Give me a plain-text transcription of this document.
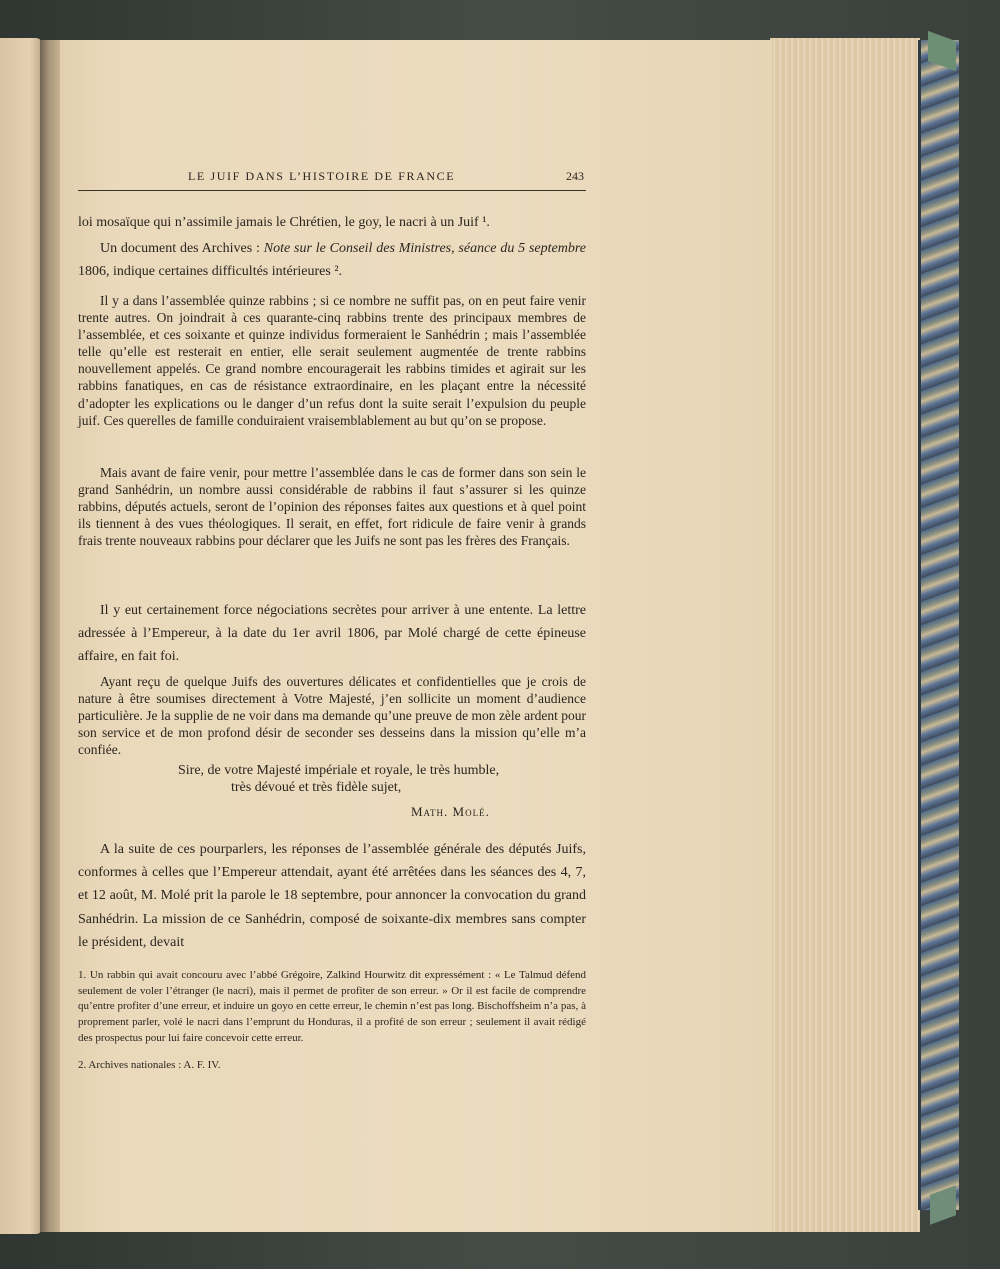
LE JUIF DANS L’HISTOIRE DE FRANCE	243
loi mosaïque qui n’assimile jamais le Chrétien, le goy, le nacri à un Juif ¹.
Un document des Archives : Note sur le Conseil des Ministres, séance du 5 septembre 1806, indique certaines difficultés intérieures ².
Il y a dans l’assemblée quinze rabbins ; si ce nombre ne suffit pas, on en peut faire venir trente autres. On joindrait à ces quarante-cinq rabbins trente des principaux membres de l’assemblée, et ces soixante et quinze individus formeraient le Sanhédrin ; mais l’assemblée telle qu’elle est resterait en entier, elle serait seulement augmentée de trente rabbins nouvellement appelés. Ce grand nombre encouragerait les rabbins timides et agirait sur les rabbins fanatiques, en cas de résistance extraordinaire, en les plaçant entre la nécessité d’adopter les explications ou le danger d’un refus dont la suite serait l’expulsion du peuple juif. Ces querelles de famille conduiraient vraisemblablement au but qu’on se propose.
Mais avant de faire venir, pour mettre l’assemblée dans le cas de former dans son sein le grand Sanhédrin, un nombre aussi considérable de rabbins il faut s’assurer si les quinze rabbins, députés actuels, seront de l’opinion des réponses faites aux questions et à quel point ils tiennent à des vues théologiques. Il serait, en effet, fort ridicule de faire venir à grands frais trente nouveaux rabbins pour déclarer que les Juifs ne sont pas les frères des Français.
Il y eut certainement force négociations secrètes pour arriver à une entente. La lettre adressée à l’Empereur, à la date du 1er avril 1806, par Molé chargé de cette épineuse affaire, en fait foi.
Ayant reçu de quelque Juifs des ouvertures délicates et confidentielles que je crois de nature à être soumises directement à Votre Majesté, j’en sollicite un moment d’audience particulière. Je la supplie de ne voir dans ma demande qu’une preuve de mon zèle ardent pour son service et de mon profond désir de seconder ses desseins dans la mission qu’elle m’a confiée.
Sire, de votre Majesté impériale et royale, le très humble,
très dévoué et très fidèle sujet,
Math. Molé.
A la suite de ces pourparlers, les réponses de l’assemblée générale des députés Juifs, conformes à celles que l’Empereur attendait, ayant été arrêtées dans les séances des 4, 7, et 12 août, M. Molé prit la parole le 18 septembre, pour annoncer la convocation du grand Sanhédrin. La mission de ce Sanhédrin, composé de soixante-dix membres sans compter le président, devait
1. Un rabbin qui avait concouru avec l’abbé Grégoire, Zalkind Hourwitz dit expressément : « Le Talmud défend seulement de voler l’étranger (le nacri), mais il permet de profiter de son erreur. » Or il est facile de comprendre qu’entre profiter d’une erreur, et induire un goyo en cette erreur, le chemin n’est pas long. Bischoffsheim n’a pas, à proprement parler, volé le nacri dans l’emprunt du Honduras, il a profité de son erreur ; seulement il avait rédigé des prospectus pour lui faire concevoir cette erreur.
2. Archives nationales : A. F. IV.
